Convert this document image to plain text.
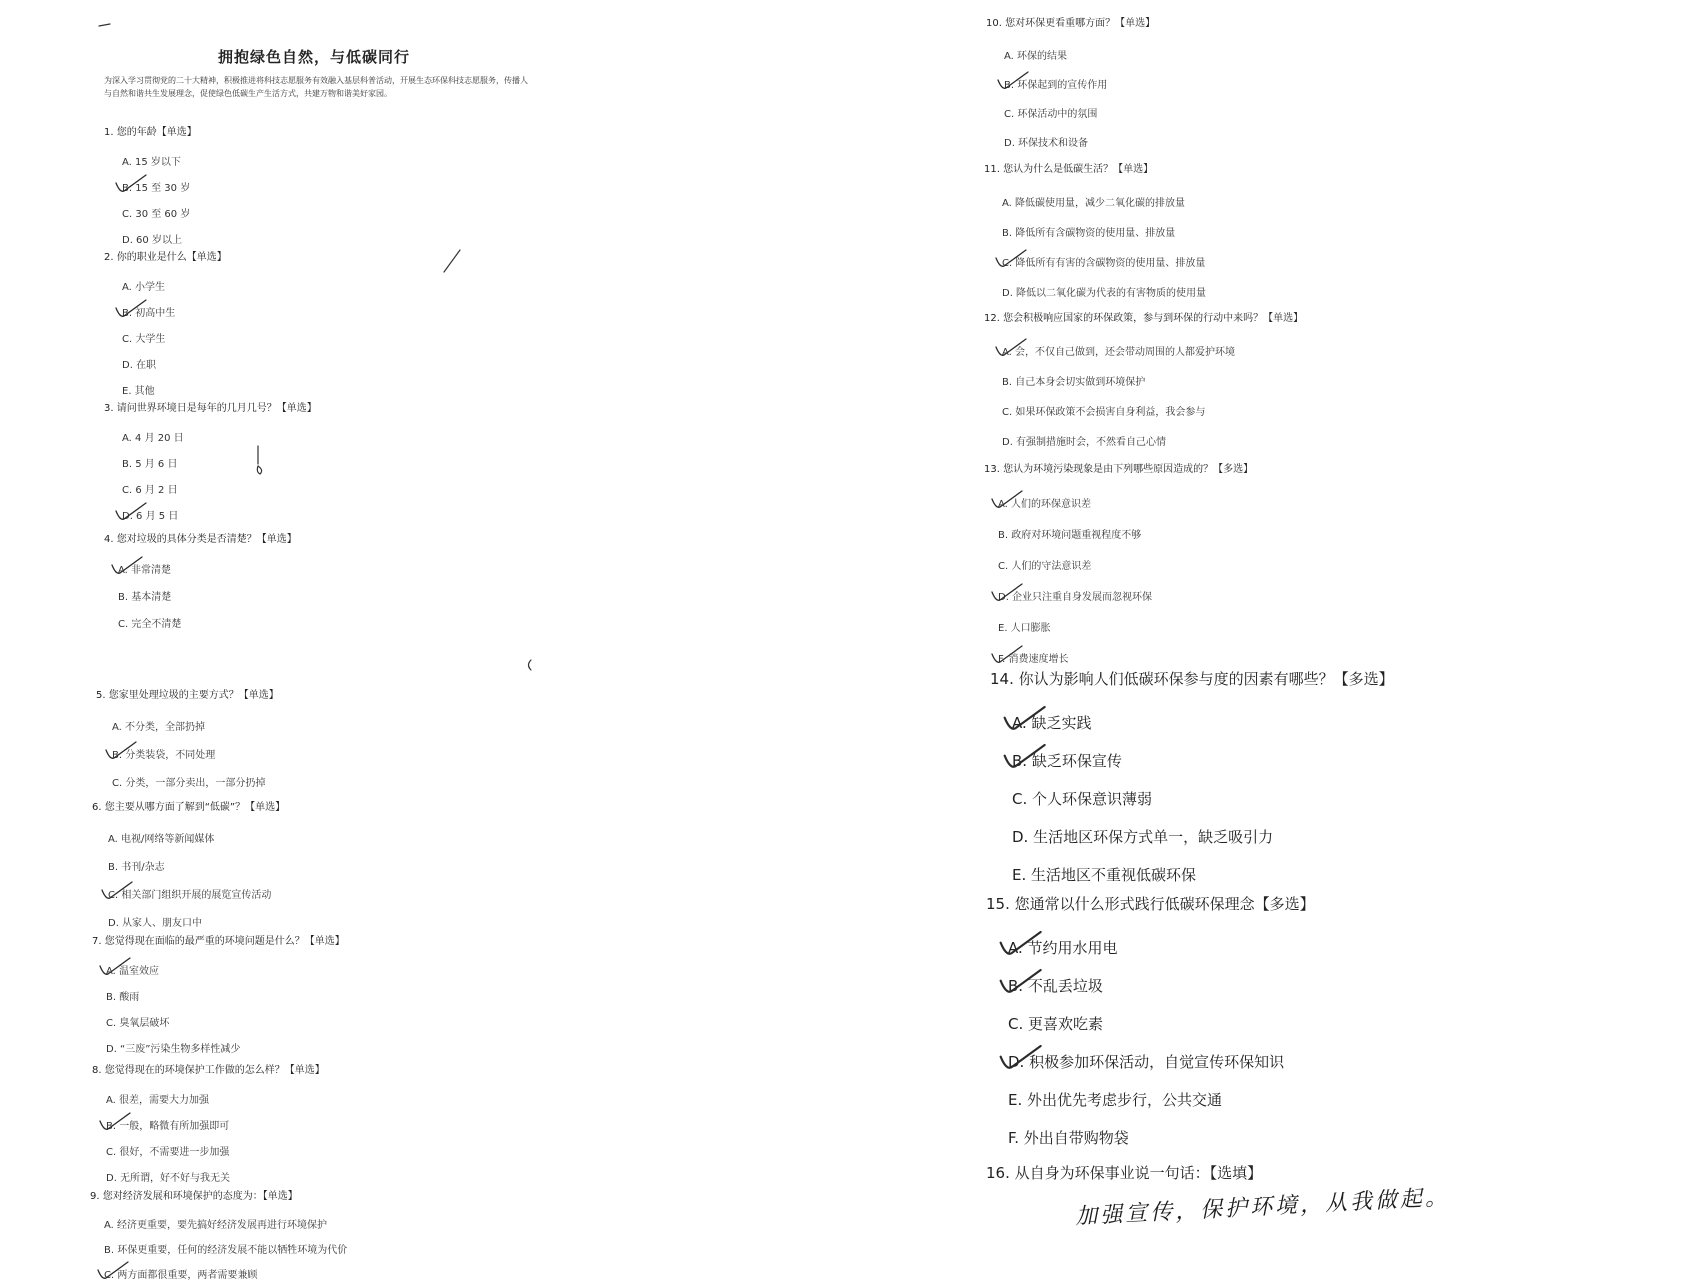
拥抱绿色自然，与低碳同行
为深入学习贯彻党的二十大精神，积极推进将科技志愿服务有效融入基层科普活动，开展生态环保科技志愿服务，传播人与自然和谐共生发展理念，促使绿色低碳生产生活方式，共建万物和谐美好家园。
1. 您的年龄【单选】
A. 15 岁以下
B. 15 至 30 岁
C. 30 至 60 岁
D. 60 岁以上
2. 你的职业是什么【单选】
A. 小学生
B. 初高中生
C. 大学生
D. 在职
E. 其他
3. 请问世界环境日是每年的几月几号？【单选】
A. 4 月 20 日
B. 5 月 6 日
C. 6 月 2 日
D. 6 月 5 日
4. 您对垃圾的具体分类是否清楚？【单选】
A. 非常清楚
B. 基本清楚
C. 完全不清楚
5. 您家里处理垃圾的主要方式？【单选】
A. 不分类，全部扔掉
B. 分类装袋，不同处理
C. 分类，一部分卖出，一部分扔掉
6. 您主要从哪方面了解到“低碳”？【单选】
A. 电视/网络等新闻媒体
B. 书刊/杂志
C. 相关部门组织开展的展览宣传活动
D. 从家人、朋友口中
7. 您觉得现在面临的最严重的环境问题是什么？【单选】
A. 温室效应
B. 酸雨
C. 臭氧层破坏
D. “三废”污染生物多样性减少
8. 您觉得现在的环境保护工作做的怎么样？【单选】
A. 很差，需要大力加强
B. 一般，略微有所加强即可
C. 很好，不需要进一步加强
D. 无所谓，好不好与我无关
9. 您对经济发展和环境保护的态度为：【单选】
A. 经济更重要，要先搞好经济发展再进行环境保护
B. 环保更重要，任何的经济发展不能以牺牲环境为代价
C. 两方面都很重要，两者需要兼顾
10. 您对环保更看重哪方面？【单选】
A. 环保的结果
B. 环保起到的宣传作用
C. 环保活动中的氛围
D. 环保技术和设备
11. 您认为什么是低碳生活？【单选】
A. 降低碳使用量，减少二氧化碳的排放量
B. 降低所有含碳物资的使用量、排放量
C. 降低所有有害的含碳物资的使用量、排放量
D. 降低以二氧化碳为代表的有害物质的使用量
12. 您会积极响应国家的环保政策，参与到环保的行动中来吗？【单选】
A. 会，不仅自己做到，还会带动周围的人都爱护环境
B. 自己本身会切实做到环境保护
C. 如果环保政策不会损害自身利益，我会参与
D. 有强制措施时会，不然看自己心情
13. 您认为环境污染现象是由下列哪些原因造成的？【多选】
A. 人们的环保意识差
B. 政府对环境问题重视程度不够
C. 人们的守法意识差
D. 企业只注重自身发展而忽视环保
E. 人口膨胀
F. 消费速度增长
14. 你认为影响人们低碳环保参与度的因素有哪些？【多选】
A. 缺乏实践
B. 缺乏环保宣传
C. 个人环保意识薄弱
D. 生活地区环保方式单一，缺乏吸引力
E. 生活地区不重视低碳环保
15. 您通常以什么形式践行低碳环保理念【多选】
A. 节约用水用电
B. 不乱丢垃圾
C. 更喜欢吃素
D. 积极参加环保活动，自觉宣传环保知识
E. 外出优先考虑步行，公共交通
F. 外出自带购物袋
16. 从自身为环保事业说一句话：【选填】
加强宣传，保护环境，从我做起。
